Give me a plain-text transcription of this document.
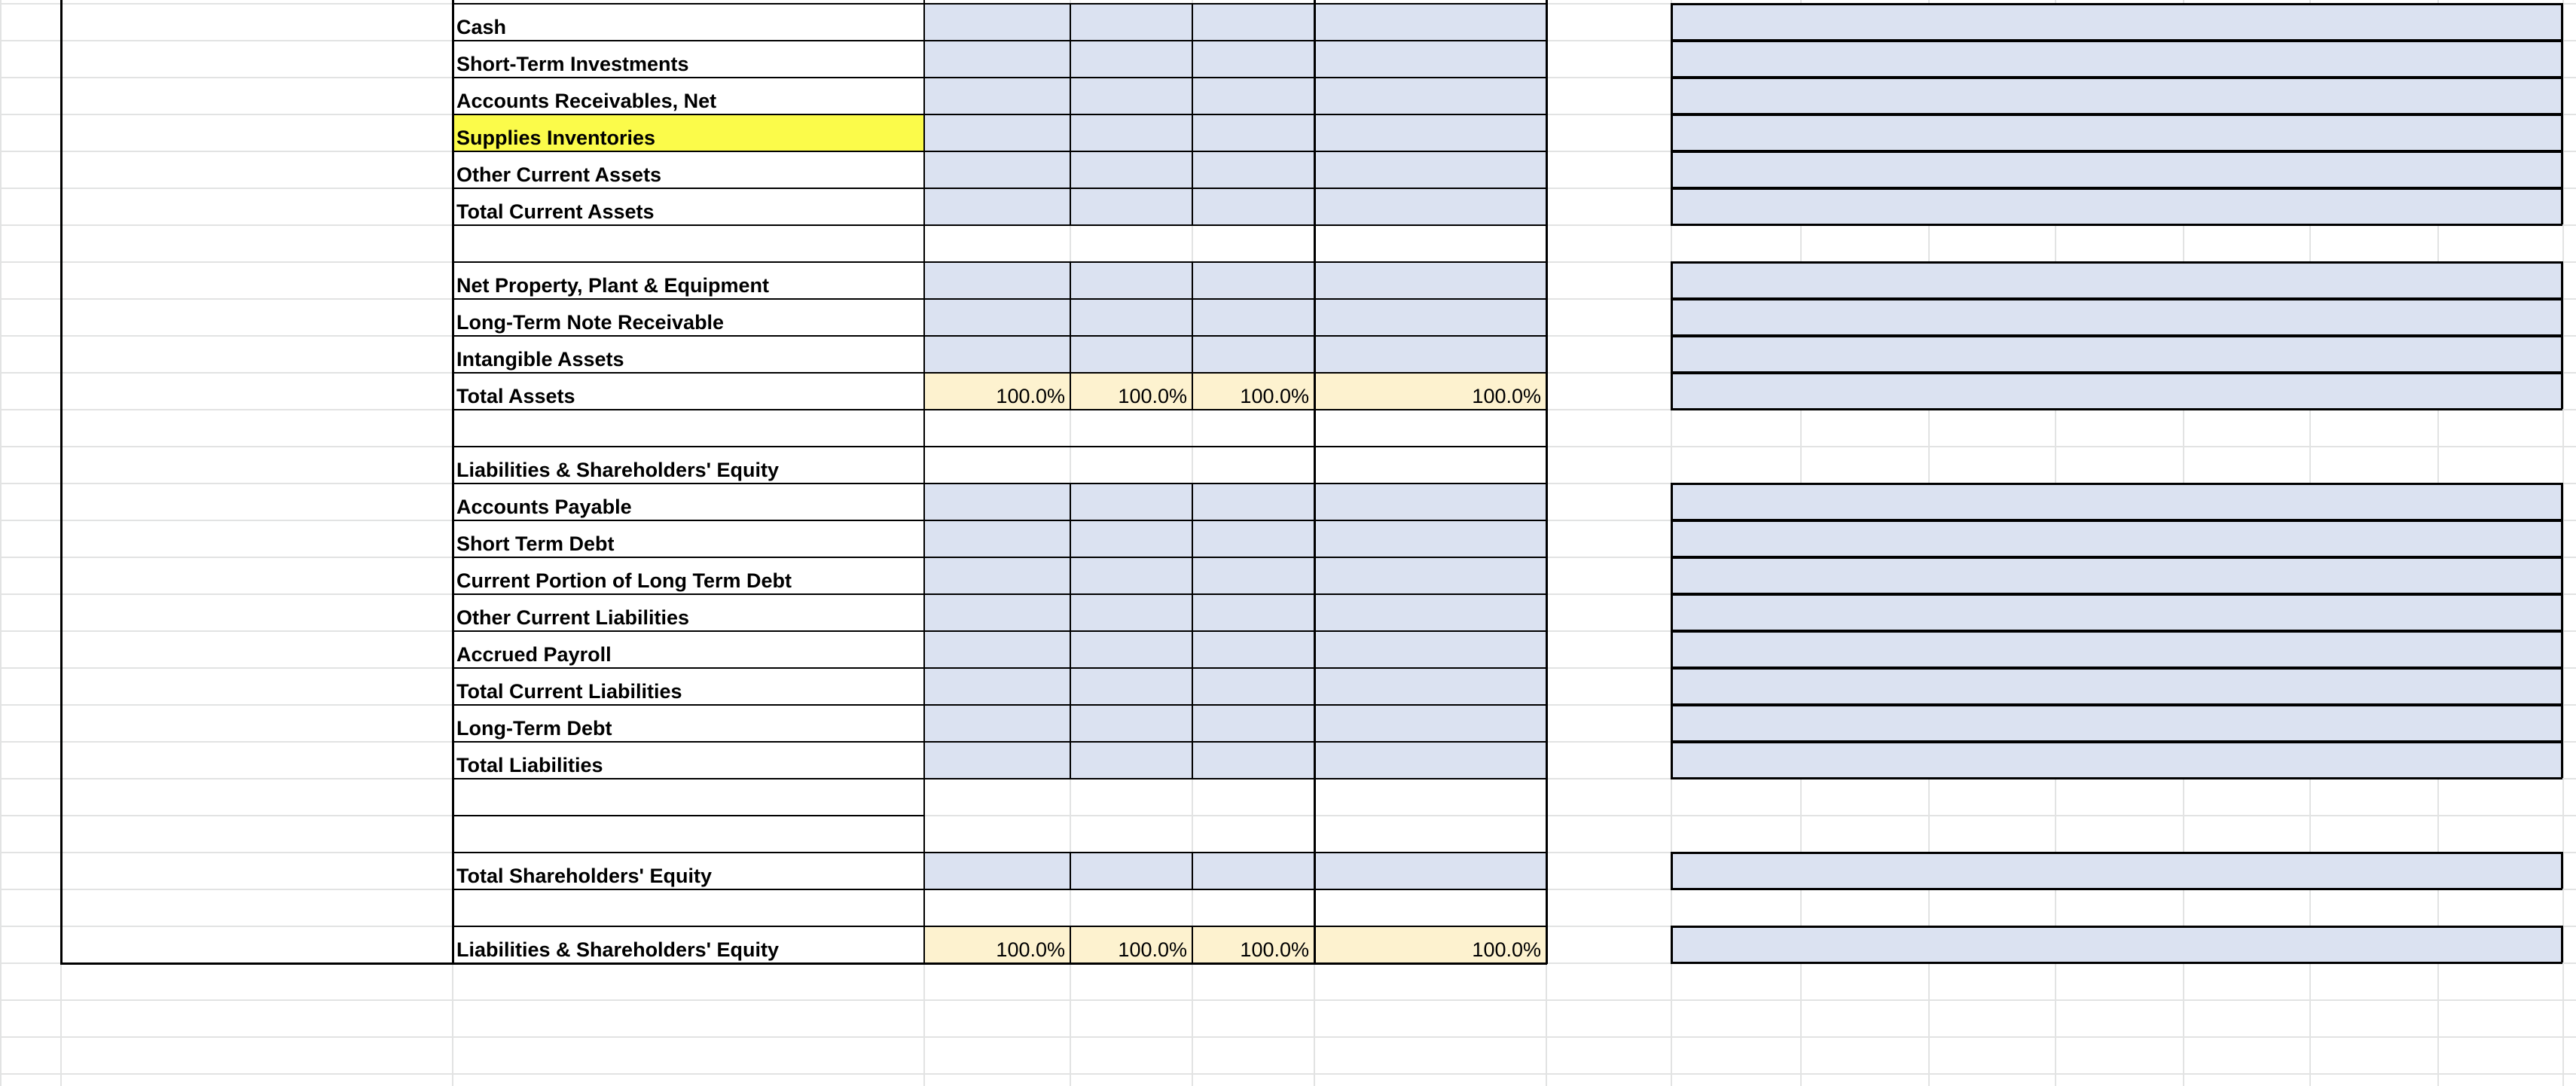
Cash
Short-Term Investments
Accounts Receivables, Net
Supplies Inventories
Other Current Assets
Total Current Assets
Net Property, Plant & Equipment
Long-Term Note Receivable
Intangible Assets
Total Assets	100.0%	100.0%	100.0%	100.0%
Liabilities & Shareholders' Equity
Accounts Payable
Short Term Debt
Current Portion of Long Term Debt
Other Current Liabilities
Accrued Payroll
Total Current Liabilities
Long-Term Debt
Total Liabilities
Total Shareholders' Equity
Liabilities & Shareholders' Equity	100.0%	100.0%	100.0%	100.0%
